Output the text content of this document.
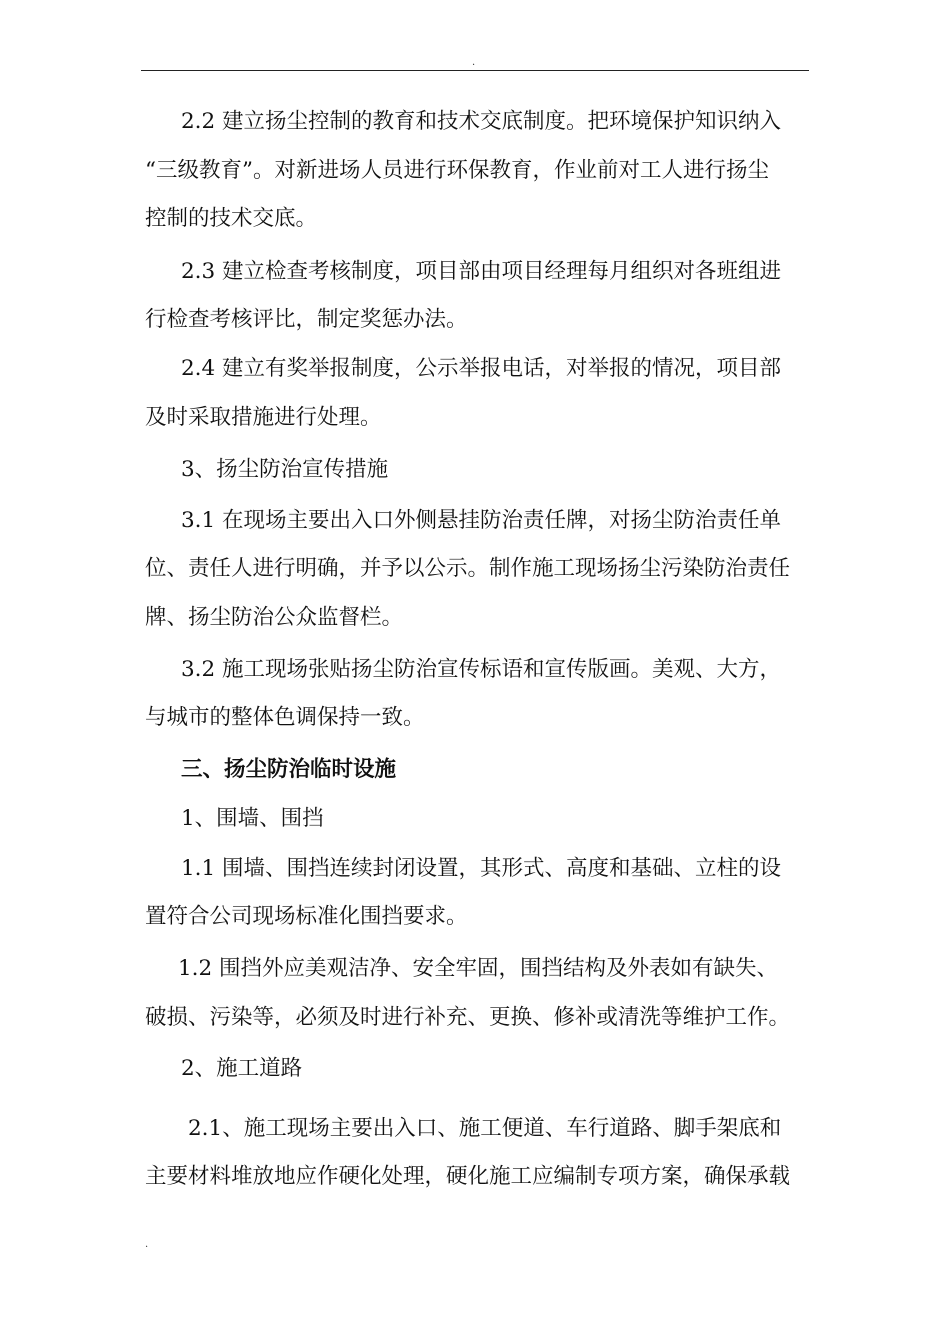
.
2.2 建立扬尘控制的教育和技术交底制度。把环境保护知识纳入
“三级教育”。对新进场人员进行环保教育，作业前对工人进行扬尘
控制的技术交底。
2.3 建立检查考核制度，项目部由项目经理每月组织对各班组进
行检查考核评比，制定奖惩办法。
2.4 建立有奖举报制度，公示举报电话，对举报的情况，项目部
及时采取措施进行处理。
3、扬尘防治宣传措施
3.1 在现场主要出入口外侧悬挂防治责任牌，对扬尘防治责任单
位、责任人进行明确，并予以公示。制作施工现场扬尘污染防治责任
牌、扬尘防治公众监督栏。
3.2 施工现场张贴扬尘防治宣传标语和宣传版画。美观、大方，
与城市的整体色调保持一致。
三、扬尘防治临时设施
1、围墙、围挡
1.1 围墙、围挡连续封闭设置，其形式、高度和基础、立柱的设
置符合公司现场标准化围挡要求。
1.2 围挡外应美观洁净、安全牢固，围挡结构及外表如有缺失、
破损、污染等，必须及时进行补充、更换、修补或清洗等维护工作。
2、施工道路
2.1、施工现场主要出入口、施工便道、车行道路、脚手架底和
主要材料堆放地应作硬化处理，硬化施工应编制专项方案，确保承载
.
